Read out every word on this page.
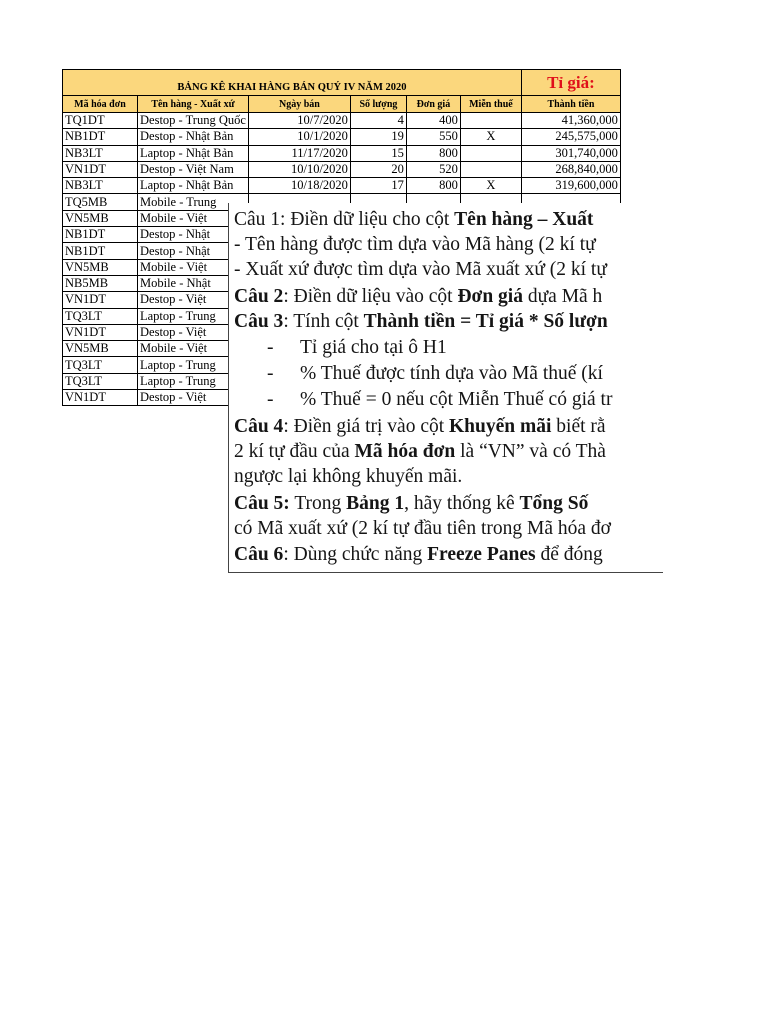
BẢNG KÊ KHAI HÀNG BÁN QUÝ IV NĂM 2020						Tỉ giá:
Mã hóa đơn	Tên hàng - Xuất xứ	Ngày bán	Số lượng	Đơn giá	Miễn thuế	Thành tiền
TQ1DT	Destop - Trung Quốc	10/7/2020	4	400		41,360,000
NB1DT	Destop - Nhật Bản	10/1/2020	19	550	X	245,575,000
NB3LT	Laptop - Nhật Bản	11/17/2020	15	800		301,740,000
VN1DT	Destop - Việt Nam	10/10/2020	20	520		268,840,000
NB3LT	Laptop - Nhật Bản	10/18/2020	17	800	X	319,600,000
TQ5MB	Mobile - Trung					
VN5MB	Mobile - Việt					
NB1DT	Destop - Nhật					
NB1DT	Destop - Nhật					
VN5MB	Mobile - Việt					
NB5MB	Mobile - Nhật					
VN1DT	Destop - Việt					
TQ3LT	Laptop - Trung					
VN1DT	Destop - Việt					
VN5MB	Mobile - Việt					
TQ3LT	Laptop - Trung					
TQ3LT	Laptop - Trung					
VN1DT	Destop - Việt					
Câu 1: Điền dữ liệu cho cột Tên hàng – Xuất
- Tên hàng được tìm dựa vào Mã hàng (2 kí tự
- Xuất xứ được tìm dựa vào Mã xuất xứ (2 kí tự
Câu 2: Điền dữ liệu vào cột Đơn giá dựa Mã h
Câu 3: Tính cột Thành tiền = Tỉ giá * Số lượn
- Tỉ giá cho tại ô H1
- % Thuế được tính dựa vào Mã thuế (kí
- % Thuế = 0 nếu cột Miễn Thuế có giá tr
Câu 4: Điền giá trị vào cột Khuyến mãi biết rằ
2 kí tự đầu của Mã hóa đơn là “VN” và có Thà
ngược lại không khuyến mãi.
Câu 5: Trong Bảng 1, hãy thống kê Tổng Số
có Mã xuất xứ (2 kí tự đầu tiên trong Mã hóa đơ
Câu 6: Dùng chức năng Freeze Panes để đóng
